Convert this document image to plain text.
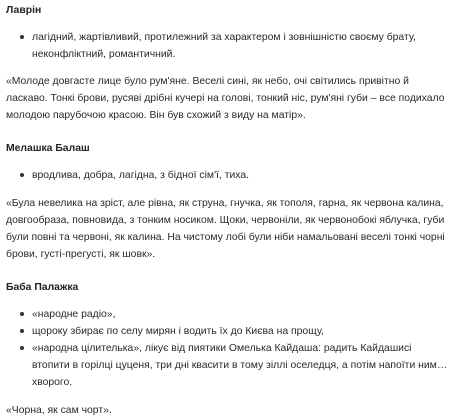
Лаврін
лагідний, жартівливий, протилежний за характером і зовнішністю своєму брату, неконфліктний, романтичний.

«Молоде довгасте лице було рум'яне. Веселі сині, як небо, очі світились привітно й ласкаво. Тонкі брови, русяві дрібні кучері на голові, тонкий ніс, рум'яні губи – все подихало молодою парубочою красою. Він був схожий з виду на матір».

Мелашка Балаш
вродлива, добра, лагідна, з бідної сім'ї, тиха.

«Була невелика на зріст, але рівна, як струна, гнучка, як тополя, гарна, як червона калина, довгообраза, повновида, з тонким носиком. Щоки, червоніли, як червонобокі яблучка, губи були повні та червоні, як калина. На чистому лобі були ніби намальовані веселі тонкі чорні брови, густі-прегусті, як шовк».

Баба Палажка
«народне радіо»,
щороку збирає по селу мирян і водить їх до Києва на прощу,
«народна цілителька», лікує від пиятики Омелька Кайдаша: радить Кайдашисі втопити в горілці цуценя, три дні квасити в тому зіллі оселедця, а потім напоїти ним… хворого.

«Чорна, як сам чорт».
